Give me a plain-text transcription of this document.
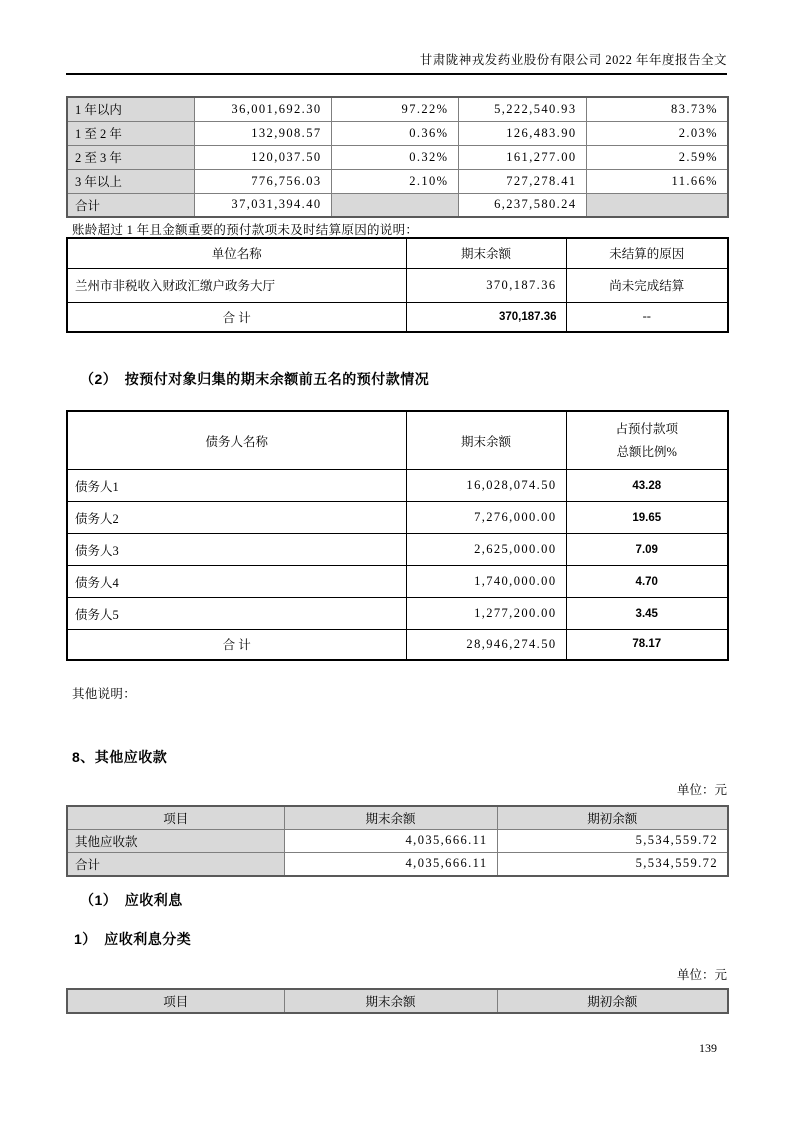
甘肃陇神戎发药业股份有限公司 2022 年年度报告全文
1 年以内	36,001,692.30	97.22%	5,222,540.93	83.73%
1 至 2 年	132,908.57	0.36%	126,483.90	2.03%
2 至 3 年	120,037.50	0.32%	161,277.00	2.59%
3 年以上	776,756.03	2.10%	727,278.41	11.66%
合计	37,031,394.40		6,237,580.24	
账龄超过 1 年且金额重要的预付款项未及时结算原因的说明：
单位名称	期末余额	未结算的原因
兰州市非税收入财政汇缴户政务大厅	370,187.36	尚未完成结算
合 计	370,187.36	--
（2）　按预付对象归集的期末余额前五名的预付款情况
债务人名称	期末余额	占预付款项
总额比例%

债务人1	16,028,074.50	43.28
债务人2	7,276,000.00	19.65
债务人3	2,625,000.00	7.09
债务人4	1,740,000.00	4.70
债务人5	1,277,200.00	3.45
合 计	28,946,274.50	78.17
其他说明：
8、其他应收款
单位：元
项目	期末余额	期初余额
其他应收款	4,035,666.11	5,534,559.72
合计	4,035,666.11	5,534,559.72
（1）　应收利息
1）　应收利息分类
单位：元
项目	期末余额	期初余额
139
